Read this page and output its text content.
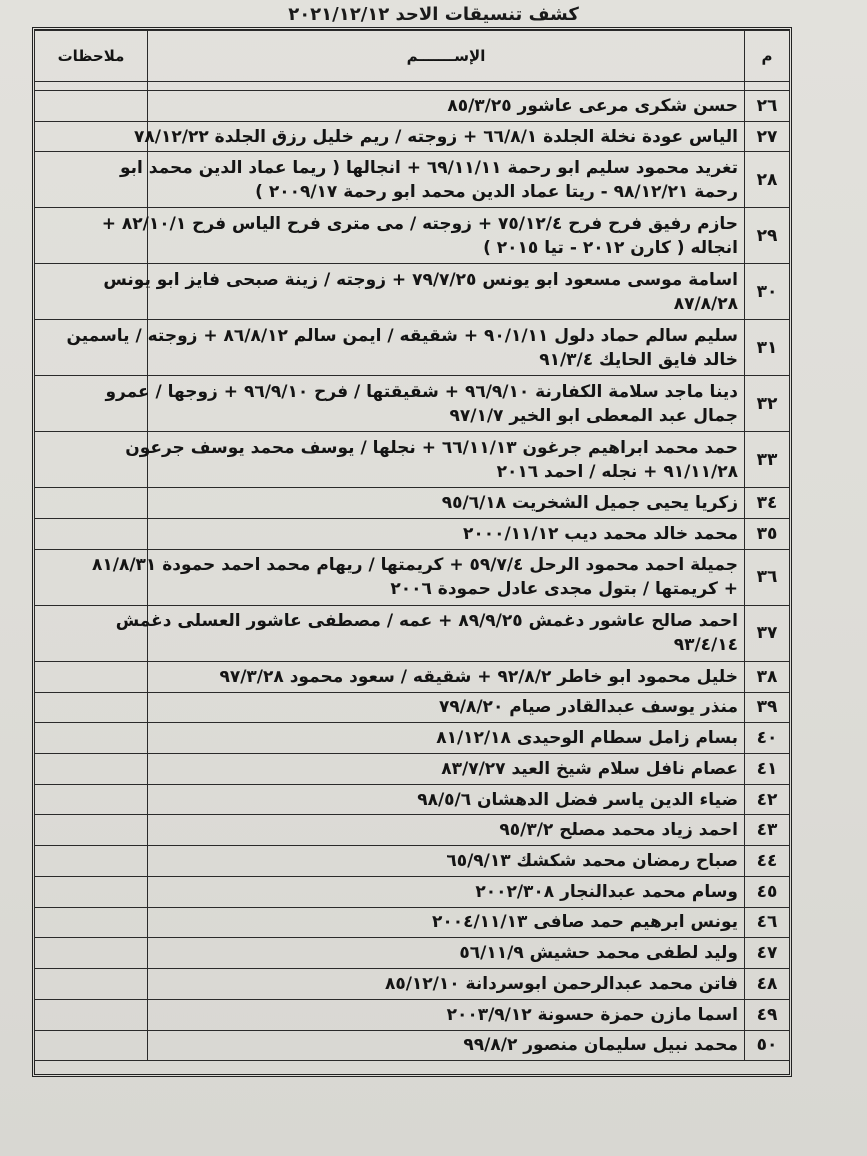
كشف تنسيقات الاحد ٢٠٢١/١٢/١٢
م	الإســـــــم	ملاحظات

٢٦	حسن شكرى مرعى عاشور ٨٥/٣/٢٥	

٢٧	الياس عودة نخلة الجلدة ٦٦/٨/١ + زوجته / ريم خليل رزق الجلدة ٧٨/١٢/٢٢	

٢٨	تغريد محمود سليم ابو رحمة ٦٩/١١/١١ + انجالها ( ريما عماد الدين محمد ابو
رحمة ٩٨/١٢/٢١ - ريتا عماد الدين محمد ابو رحمة ٢٠٠٩/١٧ )	

٢٩	حازم رفيق فرح فرح ٧٥/١٢/٤ + زوجته / مى مترى فرح الياس فرح ٨٢/١٠/١ +
انجاله ( كارن ٢٠١٢ - تيا ٢٠١٥ )	

٣٠	اسامة موسى مسعود ابو يونس ٧٩/٧/٢٥ + زوجته / زينة صبحى فايز ابو يونس
٨٧/٨/٢٨	

٣١	سليم سالم حماد دلول ٩٠/١/١١ + شقيقه / ايمن سالم ٨٦/٨/١٢ + زوجته / ياسمين
خالد فايق الحايك ٩١/٣/٤	

٣٢	دينا ماجد سلامة الكفارنة ٩٦/٩/١٠ + شقيقتها / فرح ٩٦/٩/١٠ + زوجها / عمرو
جمال عبد المعطى ابو الخير ٩٧/١/٧	

٣٣	حمد محمد ابراهيم جرغون ٦٦/١١/١٣ + نجلها / يوسف محمد يوسف جرعون
٩١/١١/٢٨ + نجله / احمد ٢٠١٦	

٣٤	زكريا يحيى جميل الشخريت ٩٥/٦/١٨	

٣٥	محمد خالد محمد ديب ٢٠٠٠/١١/١٢	

٣٦	جميلة احمد محمود الرحل ٥٩/٧/٤ + كريمتها / ريهام محمد احمد حمودة ٨١/٨/٣١
+ كريمتها / بتول مجدى عادل حمودة ٢٠٠٦	

٣٧	احمد صالح عاشور دغمش ٨٩/٩/٢٥ + عمه / مصطفى عاشور العسلى دغمش
٩٣/٤/١٤	

٣٨	خليل محمود ابو خاطر ٩٢/٨/٢ + شقيقه / سعود محمود ٩٧/٣/٢٨	

٣٩	منذر يوسف عبدالقادر صيام ٧٩/٨/٢٠	

٤٠	بسام زامل سطام الوحيدى ٨١/١٢/١٨	

٤١	عصام نافل سلام شيخ العيد ٨٣/٧/٢٧	

٤٢	ضياء الدين ياسر فضل الدهشان ٩٨/٥/٦	

٤٣	احمد زياد محمد مصلح ٩٥/٣/٢	

٤٤	صباح رمضان محمد شكشك ٦٥/٩/١٣	

٤٥	وسام محمد عبدالنجار ٢٠٠٢/٣٠٨	

٤٦	يونس ابرهيم حمد صافى ٢٠٠٤/١١/١٣	

٤٧	وليد لطفى محمد حشيش ٥٦/١١/٩	

٤٨	فاتن محمد عبدالرحمن ابوسردانة ٨٥/١٢/١٠	

٤٩	اسما مازن حمزة حسونة ٢٠٠٣/٩/١٢	

٥٠	محمد نبيل سليمان منصور ٩٩/٨/٢	
